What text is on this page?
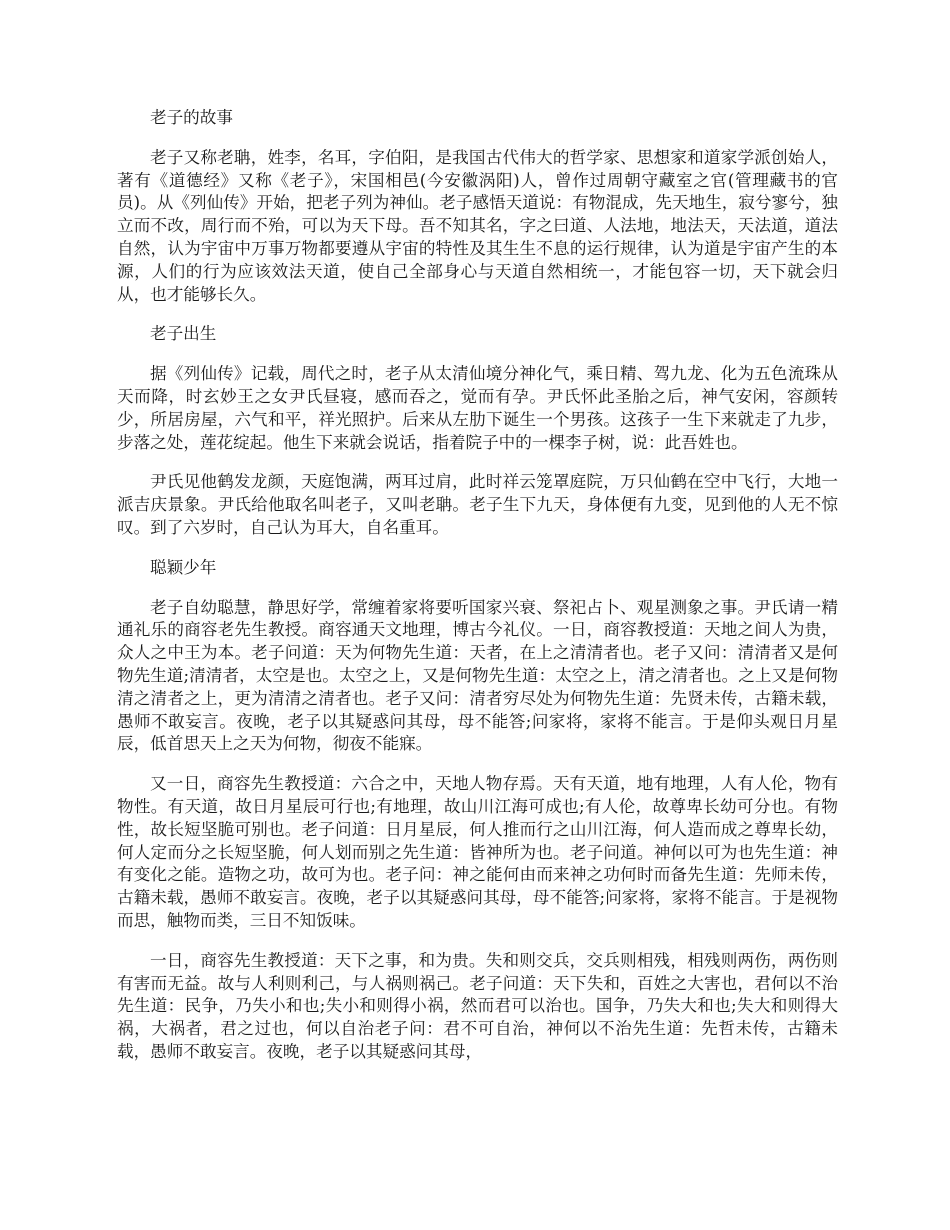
老子的故事

老子又称老聃，姓李，名耳，字伯阳，是我国古代伟大的哲学家、思想家和道家学派创始人，著有《道德经》又称《老子》，宋国相邑(今安徽涡阳)人，曾作过周朝守藏室之官(管理藏书的官员)。从《列仙传》开始，把老子列为神仙。老子感悟天道说：有物混成，先天地生，寂兮寥兮，独立而不改，周行而不殆，可以为天下母。吾不知其名，字之曰道、人法地，地法天，天法道，道法自然，认为宇宙中万事万物都要遵从宇宙的特性及其生生不息的运行规律，认为道是宇宙产生的本源，人们的行为应该效法天道，使自己全部身心与天道自然相统一，才能包容一切，天下就会归从，也才能够长久。

老子出生

据《列仙传》记载，周代之时，老子从太清仙境分神化气，乘日精、驾九龙、化为五色流珠从天而降，时玄妙王之女尹氏昼寝，感而吞之，觉而有孕。尹氏怀此圣胎之后，神气安闲，容颜转少，所居房屋，六气和平，祥光照护。后来从左肋下诞生一个男孩。这孩子一生下来就走了九步，步落之处，莲花绽起。他生下来就会说话，指着院子中的一棵李子树，说：此吾姓也。

尹氏见他鹤发龙颜，天庭饱满，两耳过肩，此时祥云笼罩庭院，万只仙鹤在空中飞行，大地一派吉庆景象。尹氏给他取名叫老子，又叫老聃。老子生下九天，身体便有九变，见到他的人无不惊叹。到了六岁时，自己认为耳大，自名重耳。

聪颖少年

老子自幼聪慧，静思好学，常缠着家将要听国家兴衰、祭祀占卜、观星测象之事。尹氏请一精通礼乐的商容老先生教授。商容通天文地理，博古今礼仪。一日，商容教授道：天地之间人为贵，众人之中王为本。老子问道：天为何物先生道：天者，在上之清清者也。老子又问：清清者又是何物先生道;清清者，太空是也。太空之上，又是何物先生道：太空之上，清之清者也。之上又是何物清之清者之上，更为清清之清者也。老子又问：清者穷尽处为何物先生道：先贤未传，古籍未载，愚师不敢妄言。夜晚，老子以其疑惑问其母，母不能答;问家将，家将不能言。于是仰头观日月星辰，低首思天上之天为何物，彻夜不能寐。

又一日，商容先生教授道：六合之中，天地人物存焉。天有天道，地有地理，人有人伦，物有物性。有天道，故日月星辰可行也;有地理，故山川江海可成也;有人伦，故尊卑长幼可分也。有物性，故长短坚脆可别也。老子问道：日月星辰，何人推而行之山川江海，何人造而成之尊卑长幼，何人定而分之长短坚脆，何人划而别之先生道：皆神所为也。老子问道。神何以可为也先生道：神有变化之能。造物之功，故可为也。老子问：神之能何由而来神之功何时而备先生道：先师未传，古籍未载，愚师不敢妄言。夜晚，老子以其疑惑问其母，母不能答;问家将，家将不能言。于是视物而思，触物而类，三日不知饭味。

一日，商容先生教授道：天下之事，和为贵。失和则交兵，交兵则相残，相残则两伤，两伤则有害而无益。故与人利则利己，与人祸则祸己。老子问道：天下失和，百姓之大害也，君何以不治先生道：民争，乃失小和也;失小和则得小祸，然而君可以治也。国争，乃失大和也;失大和则得大祸，大祸者，君之过也，何以自治老子问：君不可自治，神何以不治先生道：先哲未传，古籍未载，愚师不敢妄言。夜晚，老子以其疑惑问其母，
